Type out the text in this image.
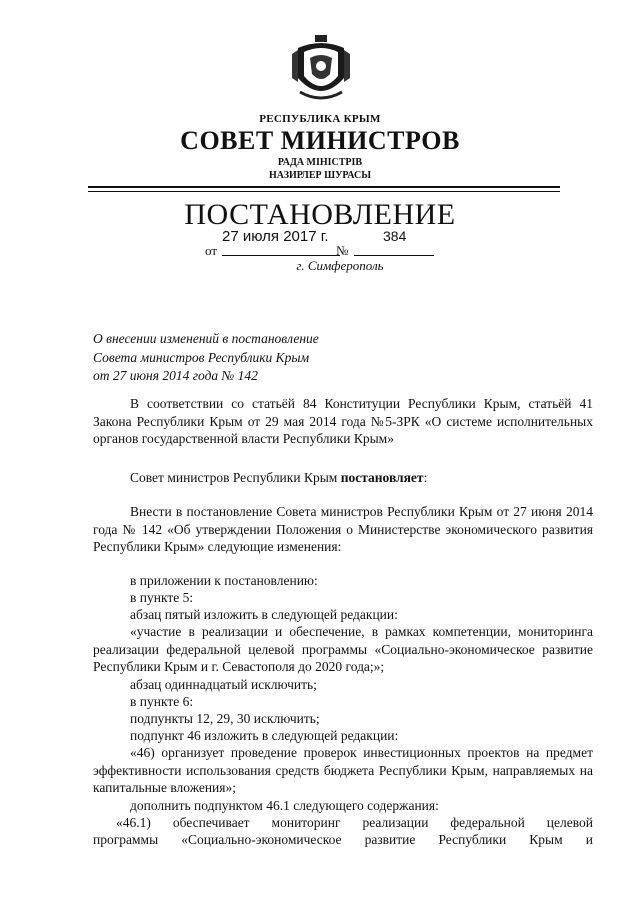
РЕСПУБЛИКА КРЫМ
СОВЕТ МИНИСТРОВ
РАДА МІНІСТРІВ
НАЗИРЛЕР ШУРАСЫ
ПОСТАНОВЛЕНИЕ
от
27 июля 2017 г.
№
384
г. Симферополь
О внесении изменений в постановление
Совета министров Республики Крым
от 27 июня 2014 года № 142
В соответствии со статьёй 84 Конституции Республики Крым, статьёй 41 Закона Республики Крым от 29 мая 2014 года №5-ЗРК «О системе исполнительных органов государственной власти Республики Крым»
Совет министров Республики Крым постановляет:
Внести в постановление Совета министров Республики Крым от 27 июня 2014 года № 142 «Об утверждении Положения о Министерстве экономического развития Республики Крым» следующие изменения:
в приложении к постановлению:
в пункте 5:
абзац пятый изложить в следующей редакции:
«участие в реализации и обеспечение, в рамках компетенции, мониторинга реализации федеральной целевой программы «Социально-экономическое развитие Республики Крым и г. Севастополя до 2020 года;»;
абзац одиннадцатый исключить;
в пункте 6:
подпункты 12, 29, 30 исключить;
подпункт 46 изложить в следующей редакции:
«46) организует проведение проверок инвестиционных проектов на предмет эффективности использования средств бюджета Республики Крым, направляемых на капитальные вложения»;
дополнить подпунктом 46.1 следующего содержания:
«46.1) обеспечивает мониторинг реализации федеральной целевой
программы «Социально-экономическое развитие Республики Крым и
